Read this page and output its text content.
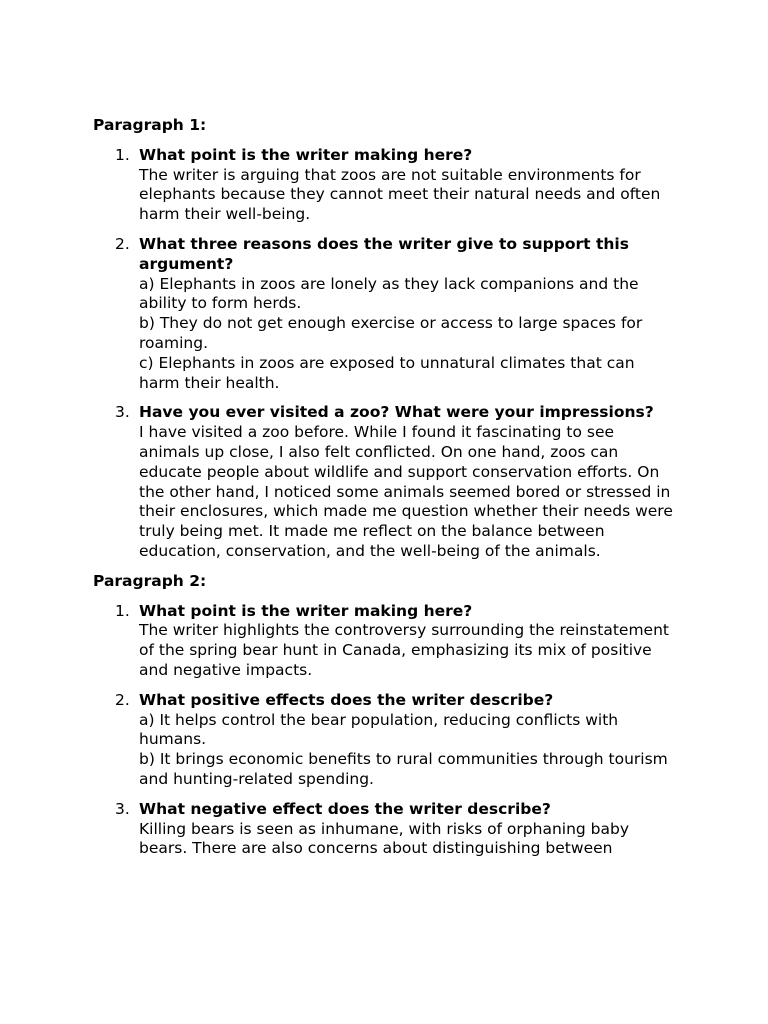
Paragraph 1:
1. What point is the writer making here?
The writer is arguing that zoos are not suitable environments for elephants because they cannot meet their natural needs and often harm their well-being.
2. What three reasons does the writer give to support this argument?
a) Elephants in zoos are lonely as they lack companions and the ability to form herds.
b) They do not get enough exercise or access to large spaces for roaming.
c) Elephants in zoos are exposed to unnatural climates that can harm their health.
3. Have you ever visited a zoo? What were your impressions?
I have visited a zoo before. While I found it fascinating to see animals up close, I also felt conflicted. On one hand, zoos can educate people about wildlife and support conservation efforts. On the other hand, I noticed some animals seemed bored or stressed in their enclosures, which made me question whether their needs were truly being met. It made me reflect on the balance between education, conservation, and the well-being of the animals.
Paragraph 2:
1. What point is the writer making here?
The writer highlights the controversy surrounding the reinstatement of the spring bear hunt in Canada, emphasizing its mix of positive and negative impacts.
2. What positive effects does the writer describe?
a) It helps control the bear population, reducing conflicts with humans.
b) It brings economic benefits to rural communities through tourism and hunting-related spending.
3. What negative effect does the writer describe?
Killing bears is seen as inhumane, with risks of orphaning baby bears. There are also concerns about distinguishing between
